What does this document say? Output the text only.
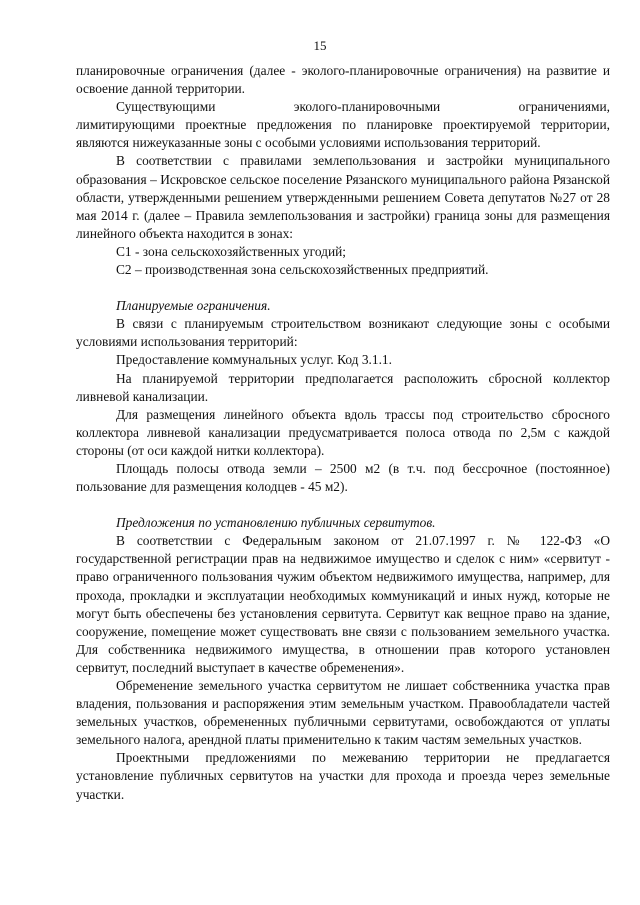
15

планировочные ограничения (далее - эколого-планировочные ограничения) на развитие и освоение данной территории.

Существующими	эколого-планировочными	ограничениями,

лимитирующими проектные предложения по планировке проектируемой территории, являются нижеуказанные зоны с особыми условиями использования территорий.

В соответствии с правилами землепользования и застройки муниципального образования – Искровское сельское поселение Рязанского муниципального района Рязанской области, утвержденными решением утвержденными решением Совета депутатов №27 от 28 мая 2014 г. (далее – Правила землепользования и застройки) граница зоны для размещения линейного объекта находится в зонах:

С1 - зона сельскохозяйственных угодий;

С2 – производственная зона сельскохозяйственных предприятий.

Планируемые ограничения.

В связи с планируемым строительством возникают следующие зоны с особыми условиями использования территорий:

Предоставление коммунальных услуг. Код 3.1.1.

На планируемой территории предполагается расположить сбросной коллектор ливневой канализации.

Для размещения линейного объекта вдоль трассы под строительство сбросного коллектора ливневой канализации предусматривается полоса отвода по 2,5м с каждой стороны (от оси каждой нитки коллектора).

Площадь полосы отвода земли – 2500 м2 (в т.ч. под бессрочное (постоянное) пользование для размещения колодцев - 45 м2).

Предложения по установлению публичных сервитутов.

В соответствии с Федеральным законом от 21.07.1997 г. № 122-ФЗ «О государственной регистрации прав на недвижимое имущество и сделок с ним» «сервитут - право ограниченного пользования чужим объектом недвижимого имущества, например, для прохода, прокладки и эксплуатации необходимых коммуникаций и иных нужд, которые не могут быть обеспечены без установления сервитута. Сервитут как вещное право на здание, сооружение, помещение может существовать вне связи с пользованием земельного участка. Для собственника недвижимого имущества, в отношении прав которого установлен сервитут, последний выступает в качестве обременения».

Обременение земельного участка сервитутом не лишает собственника участка прав владения, пользования и распоряжения этим земельным участком. Правообладатели частей земельных участков, обремененных публичными сервитутами, освобождаются от уплаты земельного налога, арендной платы применительно к таким частям земельных участков.

Проектными предложениями по межеванию территории не предлагается установление публичных сервитутов на участки для прохода и проезда через земельные участки.
